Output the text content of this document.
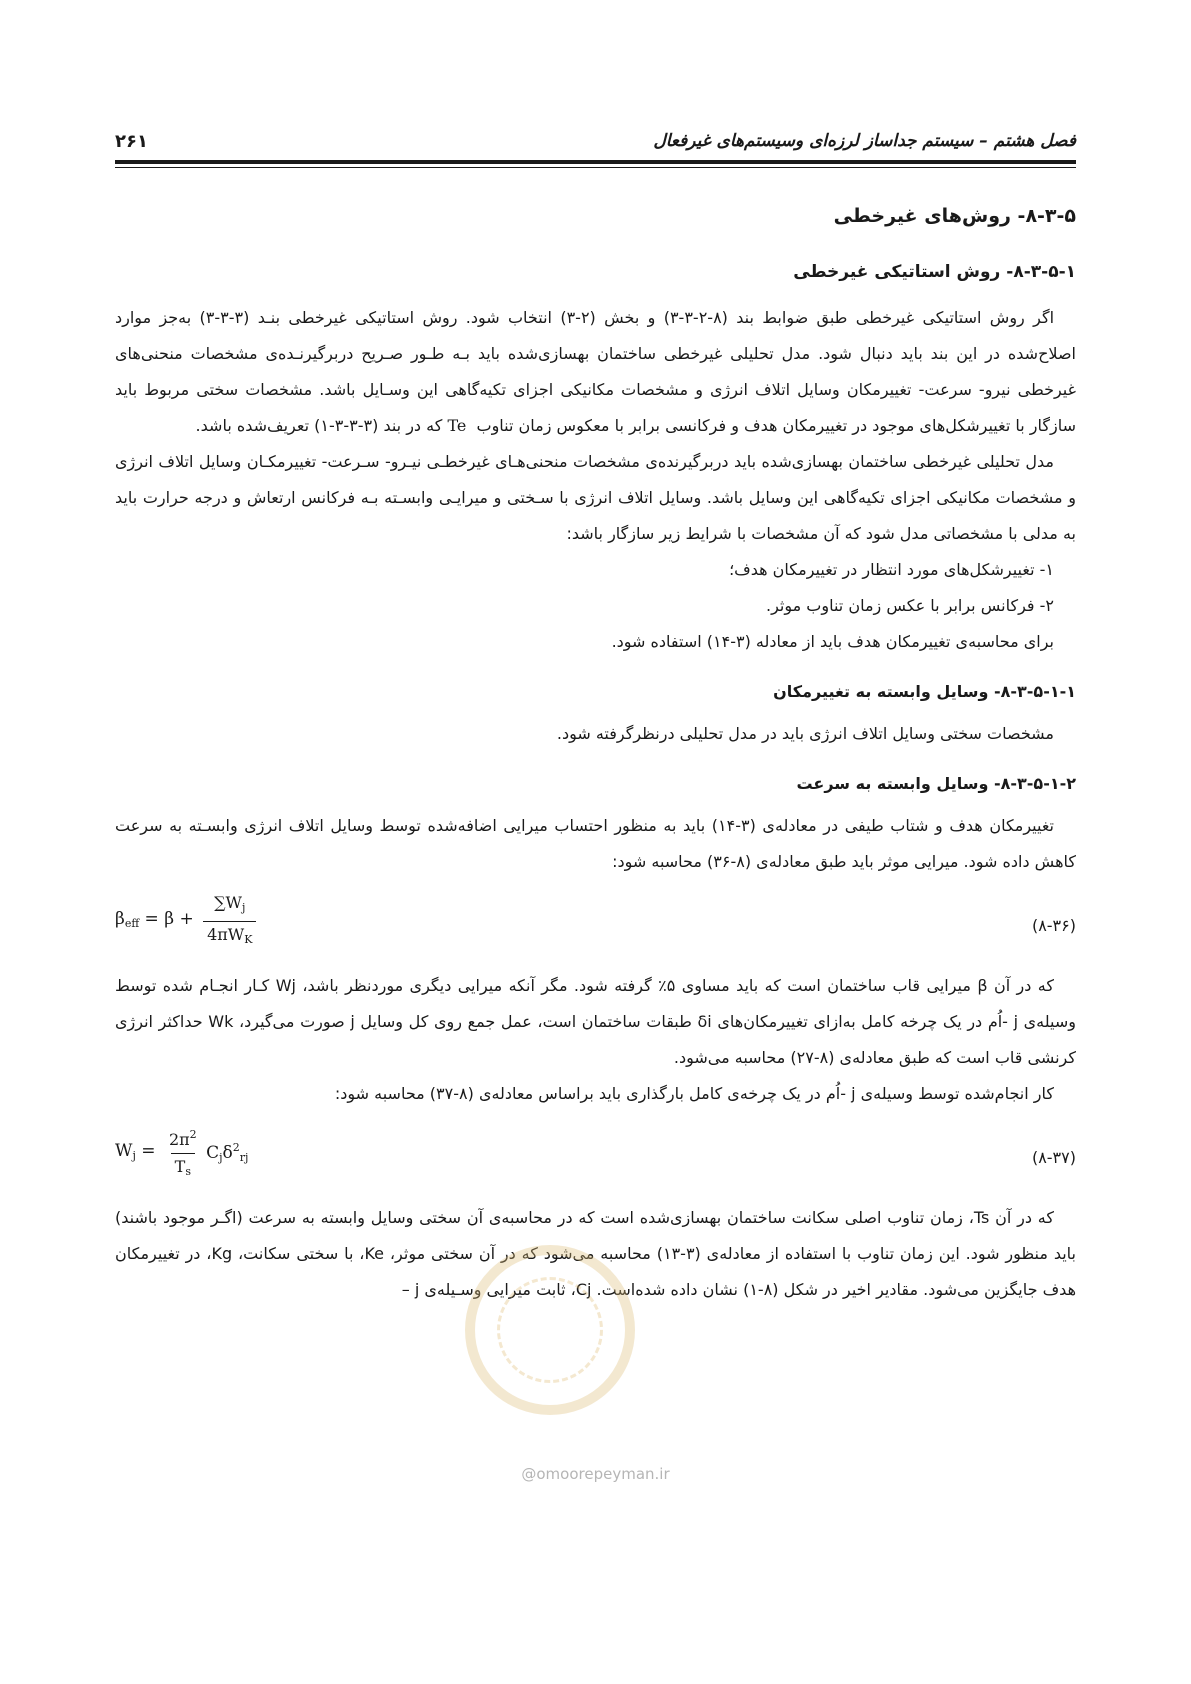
فصل هشتم – سیستم جداساز لرزه‌ای وسیستم‌های غیرفعال
۲۶۱
۸-۳-۵- روش‌های غیرخطی
۸-۳-۵-۱- روش استاتیکی غیرخطی

اگر روش استاتیکی غیرخطی طبق ضوابط بند (۸-۲-۳-۳) و بخش (۲-۳) انتخاب شود. روش استاتیکی غیرخطی بنـد (۳-۳-۳) به‌جز موارد اصلاح‌شده در این بند باید دنبال شود. مدل تحلیلی غیرخطی ساختمان بهسازی‌شده باید بـه طـور صـریح دربرگیرنـده‌ی مشخصات منحنی‌های غیرخطی نیرو- سرعت- تغییرمکان وسایل اتلاف انرژی و مشخصات مکانیکی اجزای تکیه‌گاهی این وسـایل باشد. مشخصات سختی مربوط باید سازگار با تغییرشکل‌های موجود در تغییرمکان هدف و فرکانسی برابر با معکوس زمان تناوب  Te که در بند (۳-۳-۳-۱) تعریف‌شده باشد.

مدل تحلیلی غیرخطی ساختمان بهسازی‌شده باید دربرگیرنده‌ی مشخصات منحنی‌هـای غیرخطـی نیـرو- سـرعت- تغییرمکـان وسایل اتلاف انرژی و مشخصات مکانیکی اجزای تکیه‌گاهی این وسایل باشد. وسایل اتلاف انرژی با سـختی و میرایـی وابسـته بـه فرکانس ارتعاش و درجه حرارت باید به مدلی با مشخصاتی مدل شود که آن مشخصات با شرایط زیر سازگار باشد:

۱- تغییرشکل‌های مورد انتظار در تغییرمکان هدف؛

۲- فرکانس برابر با عکس زمان تناوب موثر.

برای محاسبه‌ی تغییرمکان هدف باید از معادله (۳-۱۴) استفاده شود.

۸-۳-۵-۱-۱- وسایل وابسته به تغییرمکان

مشخصات سختی وسایل اتلاف انرژی باید در مدل تحلیلی درنظرگرفته شود.

۸-۳-۵-۱-۲- وسایل وابسته به سرعت

تغییرمکان هدف و شتاب طیفی در معادله‌ی (۳-۱۴) باید به منظور احتساب میرایی اضافه‌شده توسط وسایل اتلاف انرژی وابسـته به سرعت کاهش داده شود. میرایی موثر باید طبق معادله‌ی (۸-۳۶) محاسبه شود:

$\beta_{eff} = \beta + \frac{\sum W_j}{4\pi W_K}$	(۸-۳۶)

که در آن β میرایی قاب ساختمان است که باید مساوی ۵٪ گرفته شود. مگر آنکه میرایی دیگری موردنظر باشد، Wj کـار انجـام شده توسط وسیله‌ی j -اُم در یک چرخه کامل به‌ازای تغییرمکان‌های δi طبقات ساختمان است، عمل جمع روی کل وسایل j صورت می‌گیرد، Wk حداکثر انرژی کرنشی قاب است که طبق معادله‌ی (۸-۲۷) محاسبه می‌شود.

کار انجام‌شده توسط وسیله‌ی j -اُم در یک چرخه‌ی کامل بارگذاری باید براساس معادله‌ی (۸-۳۷) محاسبه شود:

$W_j = \frac{2\pi^2}{T_s} C_j\delta^2_{rj}$	(۸-۳۷)

که در آن Ts، زمان تناوب اصلی سکانت ساختمان بهسازی‌شده است که در محاسبه‌ی آن سختی وسایل وابسته به سرعت (اگـر موجود باشند) باید منظور شود. این زمان تناوب با استفاده از معادله‌ی (۳-۱۳) محاسبه می‌شود که در آن سختی موثر، Ke، با سختی سکانت، Kg، در تغییرمکان هدف جایگزین می‌شود. مقادیر اخیر در شکل (۸-۱) نشان داده شده‌است. Cj، ثابت میرایی وسـیله‌ی j –

@omoorepeyman.ir
